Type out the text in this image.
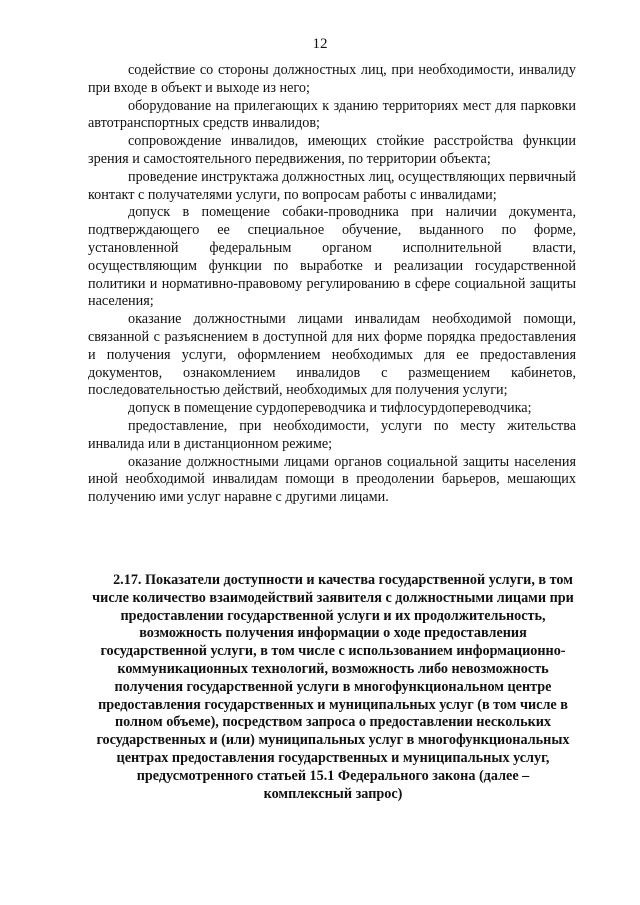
12

содействие со стороны должностных лиц, при необходимости, инвалиду при входе в объект и выходе из него;

оборудование на прилегающих к зданию территориях мест для парковки автотранспортных средств инвалидов;

сопровождение инвалидов, имеющих стойкие расстройства функции зрения и самостоятельного передвижения, по территории объекта;

проведение инструктажа должностных лиц, осуществляющих первичный контакт с получателями услуги, по вопросам работы с инвалидами;

допуск в помещение собаки-проводника при наличии документа, подтверждающего ее специальное обучение, выданного по форме, установленной федеральным органом исполнительной власти, осуществляющим функции по выработке и реализации государственной политики и нормативно-правовому регулированию в сфере социальной защиты населения;

оказание должностными лицами инвалидам необходимой помощи, связанной с разъяснением в доступной для них форме порядка предоставления и получения услуги, оформлением необходимых для ее предоставления документов, ознакомлением инвалидов с размещением кабинетов, последовательностью действий, необходимых для получения услуги;

допуск в помещение сурдопереводчика и тифлосурдопереводчика;

предоставление, при необходимости, услуги по месту жительства инвалида или в дистанционном режиме;

оказание должностными лицами органов социальной защиты населения иной необходимой инвалидам помощи в преодолении барьеров, мешающих получению ими услуг наравне с другими лицами.

2.17. Показатели доступности и качества государственной услуги, в том числе количество взаимодействий заявителя с должностными лицами при предоставлении государственной услуги и их продолжительность, возможность получения информации о ходе предоставления государственной услуги, в том числе с использованием информационно-коммуникационных технологий, возможность либо невозможность получения государственной услуги в многофункциональном центре предоставления государственных и муниципальных услуг (в том числе в полном объеме), посредством запроса о предоставлении нескольких государственных и (или) муниципальных услуг в многофункциональных центрах предоставления государственных и муниципальных услуг, предусмотренного статьей 15.1 Федерального закона (далее – комплексный запрос)
